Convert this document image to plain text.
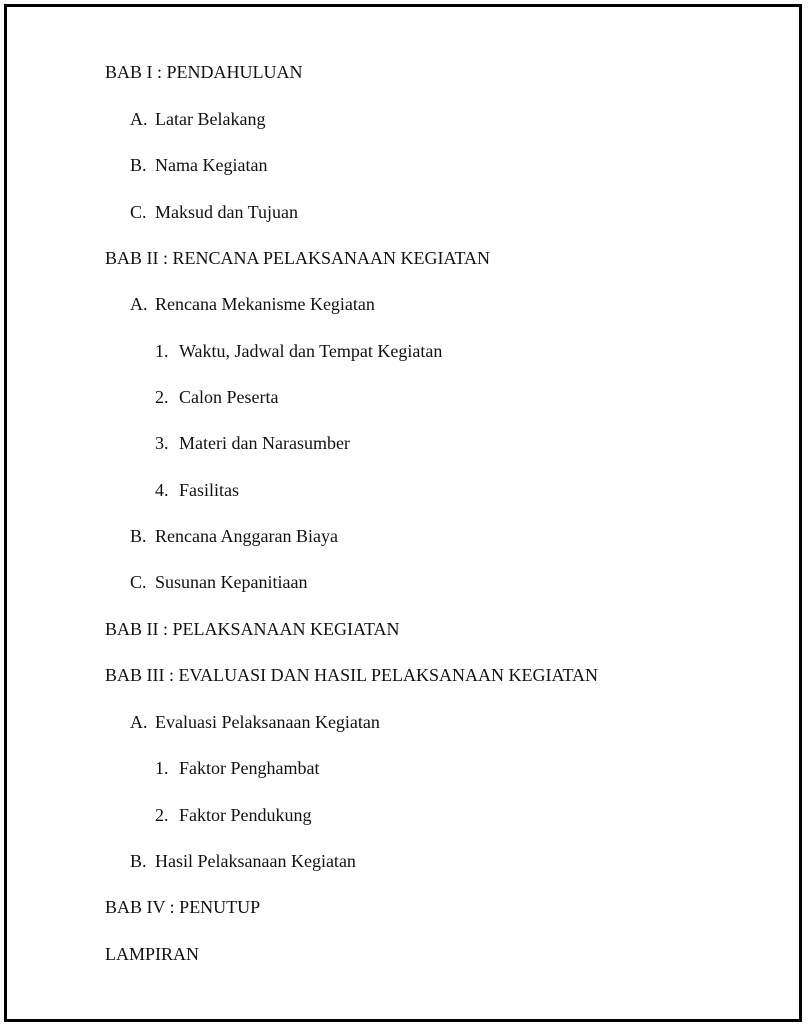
BAB I : PENDAHULUAN
A. Latar Belakang
B. Nama Kegiatan
C. Maksud dan Tujuan
BAB II : RENCANA PELAKSANAAN KEGIATAN
A. Rencana Mekanisme Kegiatan
1. Waktu, Jadwal dan Tempat Kegiatan
2. Calon Peserta
3. Materi dan Narasumber
4. Fasilitas
B. Rencana Anggaran Biaya
C. Susunan Kepanitiaan
BAB II : PELAKSANAAN KEGIATAN
BAB III : EVALUASI DAN HASIL PELAKSANAAN KEGIATAN
A. Evaluasi Pelaksanaan Kegiatan
1. Faktor Penghambat
2. Faktor Pendukung
B. Hasil Pelaksanaan Kegiatan
BAB IV : PENUTUP
LAMPIRAN
